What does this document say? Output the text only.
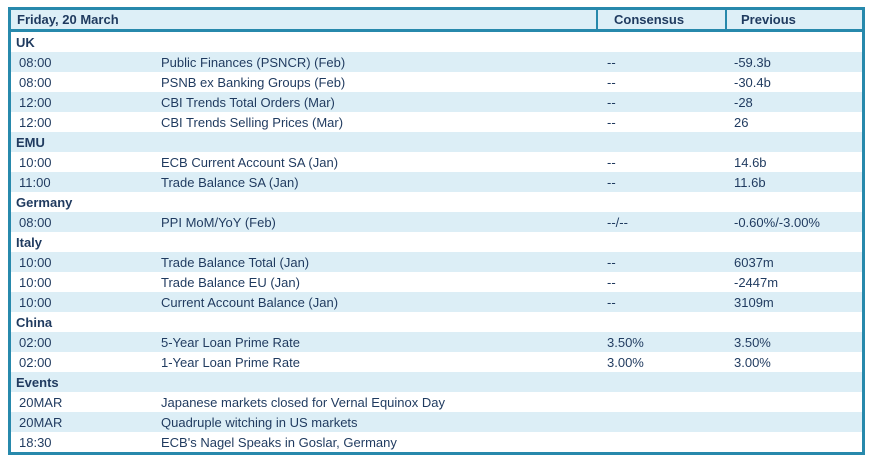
Friday, 20 March	Consensus	Previous
UK
08:00	Public Finances (PSNCR) (Feb)	--	-59.3b
08:00	PSNB ex Banking Groups (Feb)	--	-30.4b
12:00	CBI Trends Total Orders (Mar)	--	-28
12:00	CBI Trends Selling Prices (Mar)	--	26
EMU
10:00	ECB Current Account SA (Jan)	--	14.6b
11:00	Trade Balance SA (Jan)	--	11.6b
Germany
08:00	PPI MoM/YoY (Feb)	--/--	-0.60%/-3.00%
Italy
10:00	Trade Balance Total (Jan)	--	6037m
10:00	Trade Balance EU (Jan)	--	-2447m
10:00	Current Account Balance (Jan)	--	3109m
China
02:00	5-Year Loan Prime Rate	3.50%	3.50%
02:00	1-Year Loan Prime Rate	3.00%	3.00%
Events
20MAR	Japanese markets closed for Vernal Equinox Day
20MAR	Quadruple witching in US markets
18:30	ECB's Nagel Speaks in Goslar, Germany
